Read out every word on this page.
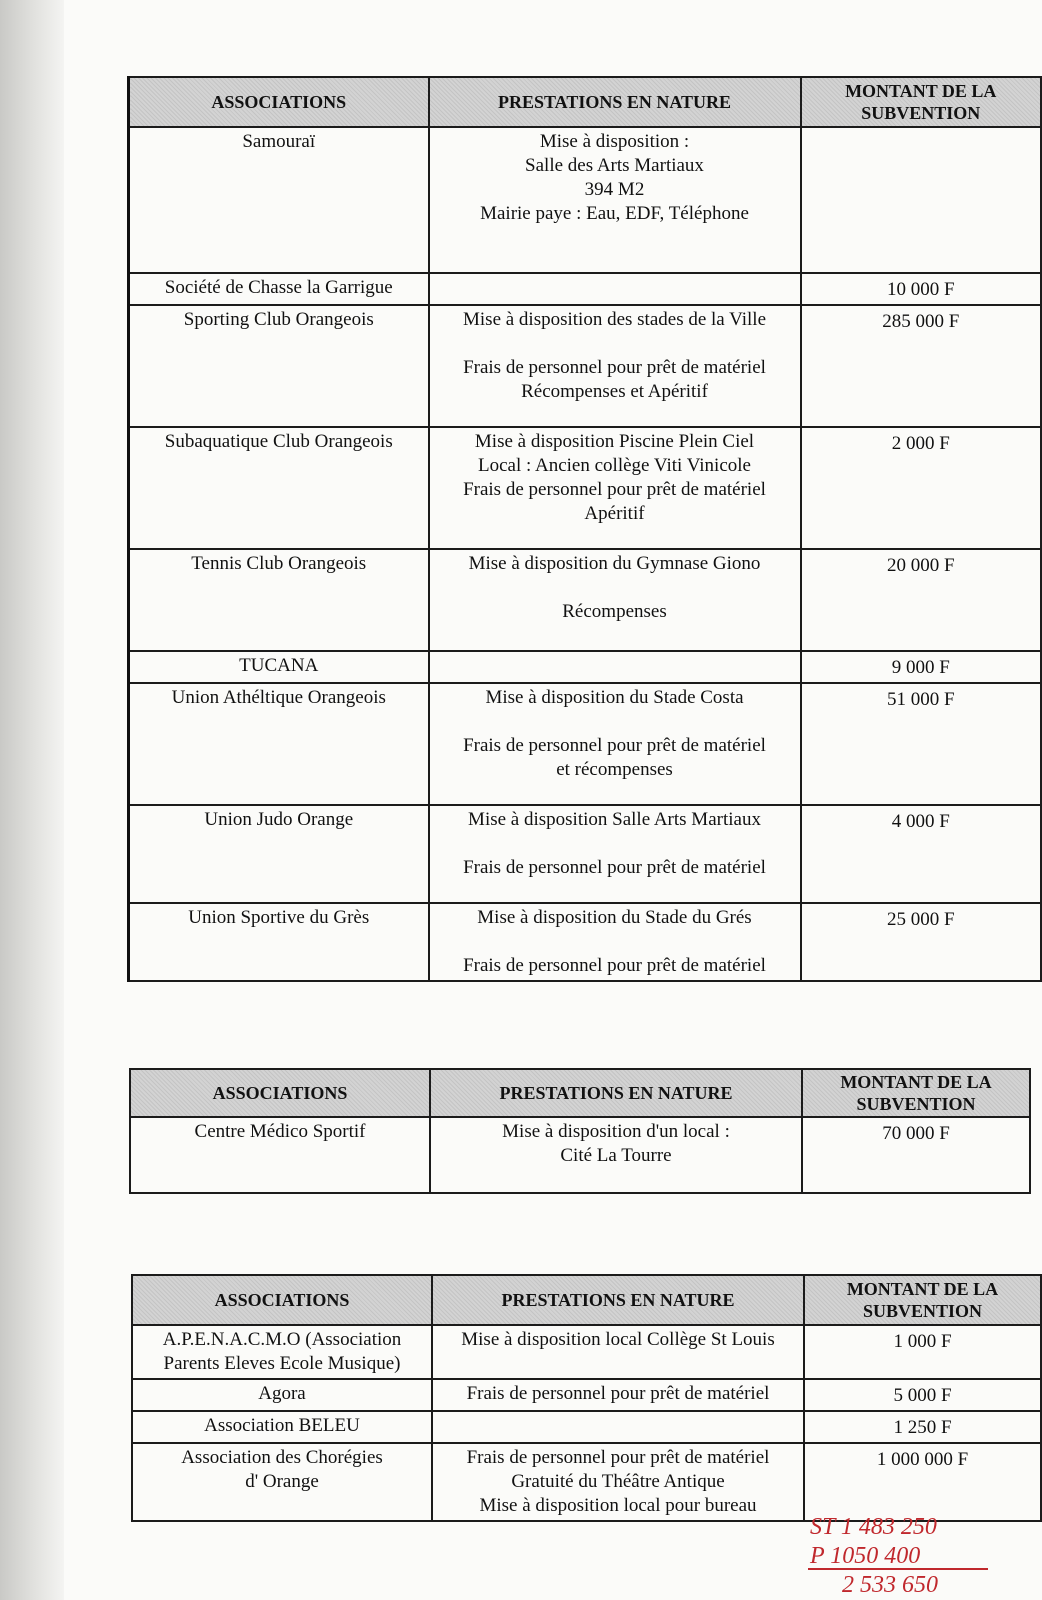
ASSOCIATIONS	PRESTATIONS EN NATURE	MONTANT DE LA
SUBVENTION

Samouraï	Mise à disposition :
Salle des Arts Martiaux
394 M2
Mairie paye : Eau, EDF, Téléphone	

Société de Chasse la Garrigue		10 000 F

Sporting Club Orangeois	Mise à disposition des stades de la Ville
Frais de personnel pour prêt de matériel
Récompenses et Apéritif	285 000 F

Subaquatique Club Orangeois	Mise à disposition Piscine Plein Ciel
Local : Ancien collège Viti Vinicole
Frais de personnel pour prêt de matériel
Apéritif	2 000 F

Tennis Club Orangeois	Mise à disposition du Gymnase Giono
Récompenses	20 000 F

TUCANA		9 000 F

Union Athéltique Orangeois	Mise à disposition du Stade Costa
Frais de personnel pour prêt de matériel
et récompenses	51 000 F

Union Judo Orange	Mise à disposition Salle Arts Martiaux
Frais de personnel pour prêt de matériel	4 000 F

Union Sportive du Grès	Mise à disposition du Stade du Grés
Frais de personnel pour prêt de matériel	25 000 F
ASSOCIATIONS	PRESTATIONS EN NATURE	MONTANT DE LA
SUBVENTION

Centre Médico Sportif	Mise à disposition d'un local :
Cité La Tourre	70 000 F
ASSOCIATIONS	PRESTATIONS EN NATURE	MONTANT DE LA
SUBVENTION

A.P.E.N.A.C.M.O (Association
Parents Eleves Ecole Musique)	Mise à disposition local Collège St Louis	1 000 F

Agora	Frais de personnel pour prêt de matériel	5 000 F

Association BELEU		1 250 F

Association des Chorégies
d' Orange	Frais de personnel pour prêt de matériel
Gratuité du Théâtre Antique
Mise à disposition local pour bureau	1 000 000 F
ST 1 483 250
P 1050 400
2 533 650
